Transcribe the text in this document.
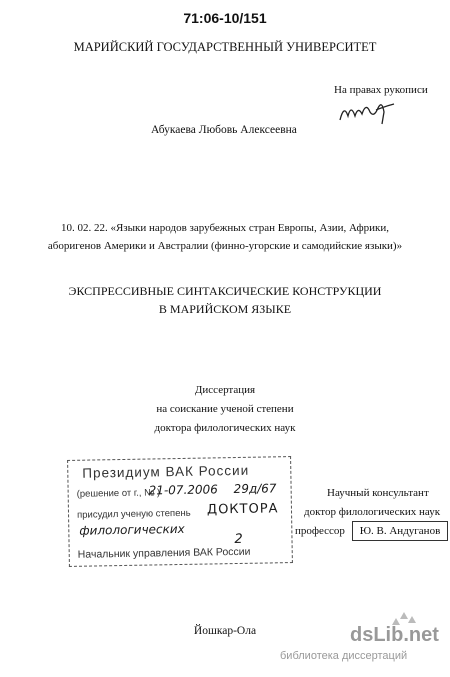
71:06-10/151
МАРИЙСКИЙ ГОСУДАРСТВЕННЫЙ УНИВЕРСИТЕТ
На правах рукописи
Абукаева Любовь Алексеевна
10. 02. 22. «Языки народов зарубежных стран Европы, Азии, Африки,
аборигенов Америки и Австралии (финно-угорские и самодийские языки)»
ЭКСПРЕССИВНЫЕ СИНТАКСИЧЕСКИЕ КОНСТРУКЦИИ
В МАРИЙСКОМ ЯЗЫКЕ
Диссертация
на соискание ученой степени
доктора филологических наук
Президиум ВАК России
(решение от г., № )
21-07.2006 29д/67
присудил ученую степень ДОКТОРА
филологических
2
Начальник управления ВАК России
Научный консультант
доктор филологических наук
профессор	Ю. В. Андуганов
Йошкар-Ола	dsLib.net
библиотека диссертаций
